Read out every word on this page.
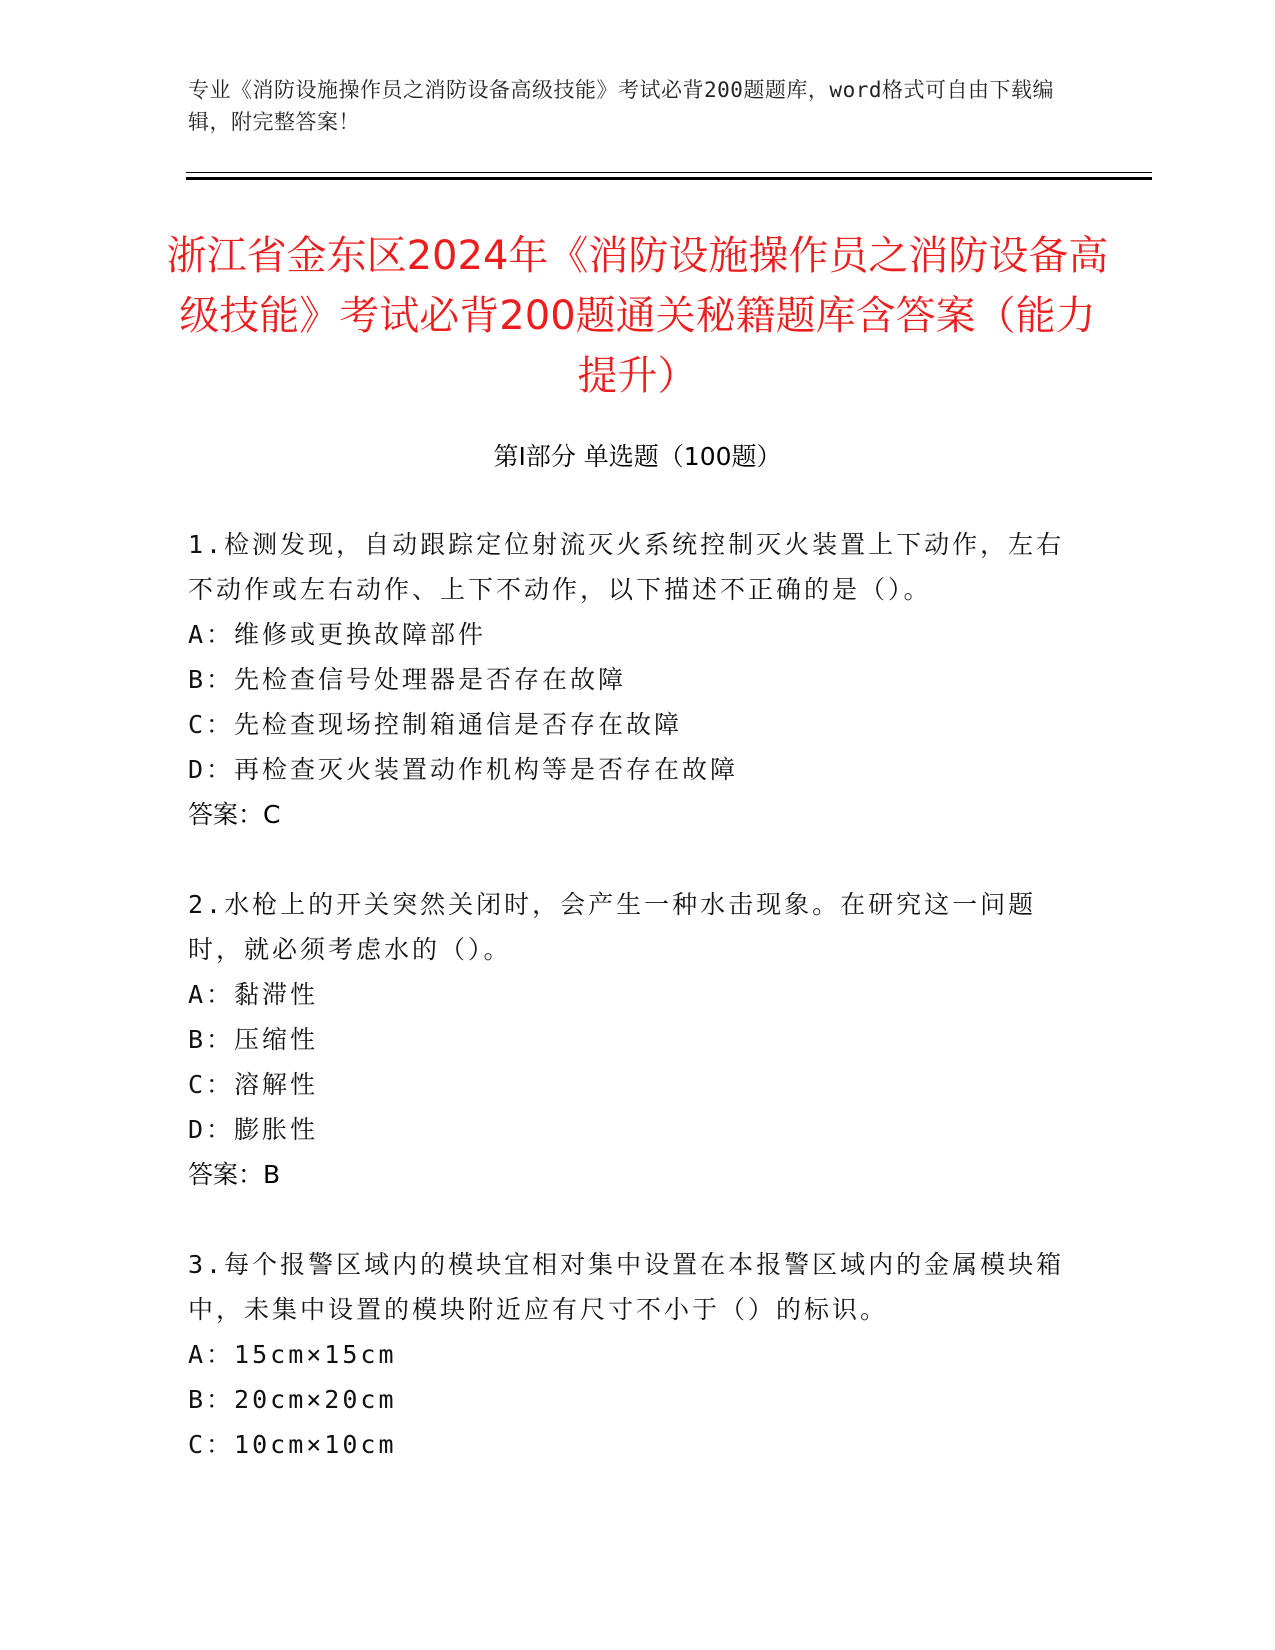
专业《消防设施操作员之消防设备高级技能》考试必背200题题库，word格式可自由下载编辑，附完整答案！
浙江省金东区2024年《消防设施操作员之消防设备高级技能》考试必背200题通关秘籍题库含答案（能力提升）
第Ⅰ部分 单选题（100题）
1.检测发现，自动跟踪定位射流灭火系统控制灭火装置上下动作，左右不动作或左右动作、上下不动作，以下描述不正确的是（）。
A：维修或更换故障部件
B：先检查信号处理器是否存在故障
C：先检查现场控制箱通信是否存在故障
D：再检查灭火装置动作机构等是否存在故障
答案：C
2.水枪上的开关突然关闭时，会产生一种水击现象。在研究这一问题时，就必须考虑水的（）。
A：黏滞性
B：压缩性
C：溶解性
D：膨胀性
答案：B
3.每个报警区域内的模块宜相对集中设置在本报警区域内的金属模块箱中，未集中设置的模块附近应有尺寸不小于（）的标识。
A：15cm×15cm
B：20cm×20cm
C：10cm×10cm
